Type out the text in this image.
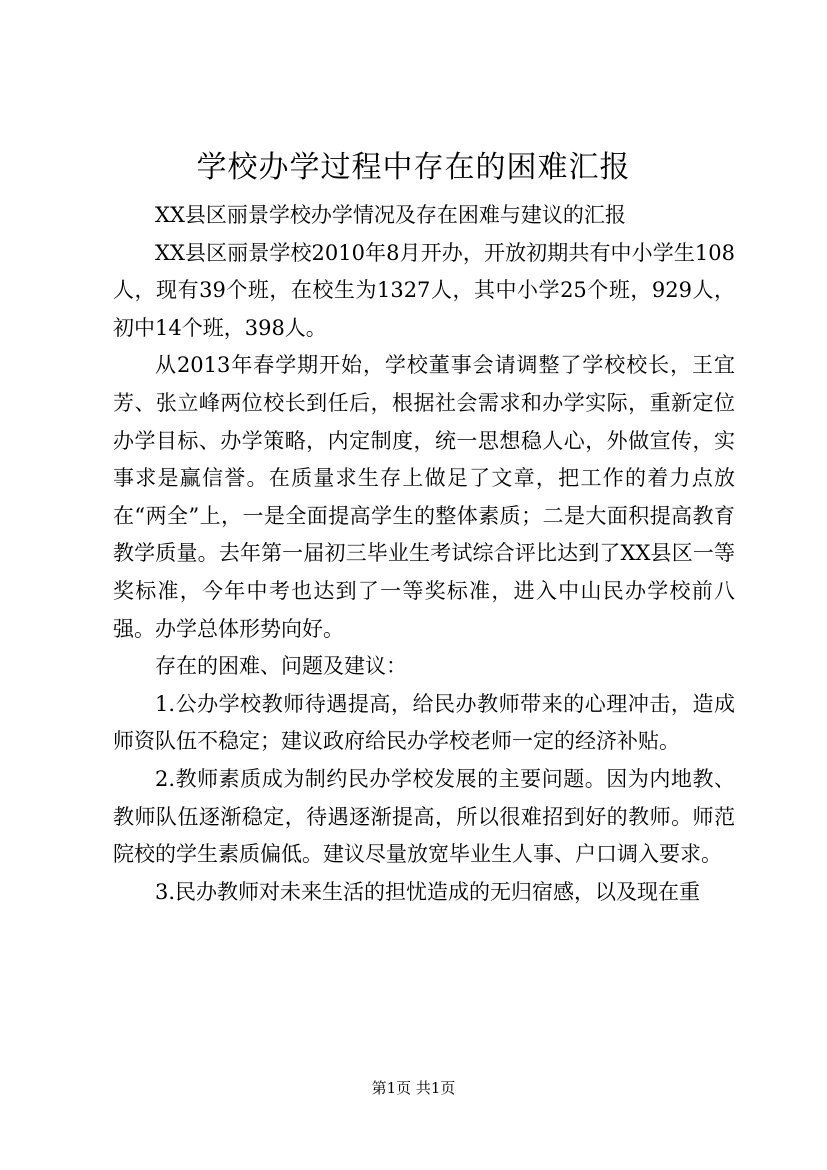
学校办学过程中存在的困难汇报

XX县区丽景学校办学情况及存在困难与建议的汇报

XX县区丽景学校2010年8月开办，开放初期共有中小学生108人，现有39个班，在校生为1327人，其中小学25个班，929人，初中14个班，398人。

从2013年春学期开始，学校董事会请调整了学校校长，王宜芳、张立峰两位校长到任后，根据社会需求和办学实际，重新定位办学目标、办学策略，内定制度，统一思想稳人心，外做宣传，实事求是赢信誉。在质量求生存上做足了文章，把工作的着力点放在“两全”上，一是全面提高学生的整体素质；二是大面积提高教育教学质量。去年第一届初三毕业生考试综合评比达到了XX县区一等奖标准，今年中考也达到了一等奖标准，进入中山民办学校前八强。办学总体形势向好。

存在的困难、问题及建议：

1.公办学校教师待遇提高，给民办教师带来的心理冲击，造成师资队伍不稳定；建议政府给民办学校老师一定的经济补贴。

2.教师素质成为制约民办学校发展的主要问题。因为内地教、教师队伍逐渐稳定，待遇逐渐提高，所以很难招到好的教师。师范院校的学生素质偏低。建议尽量放宽毕业生人事、户口调入要求。

3.民办教师对未来生活的担忧造成的无归宿感，以及现在重

第1页 共1页
